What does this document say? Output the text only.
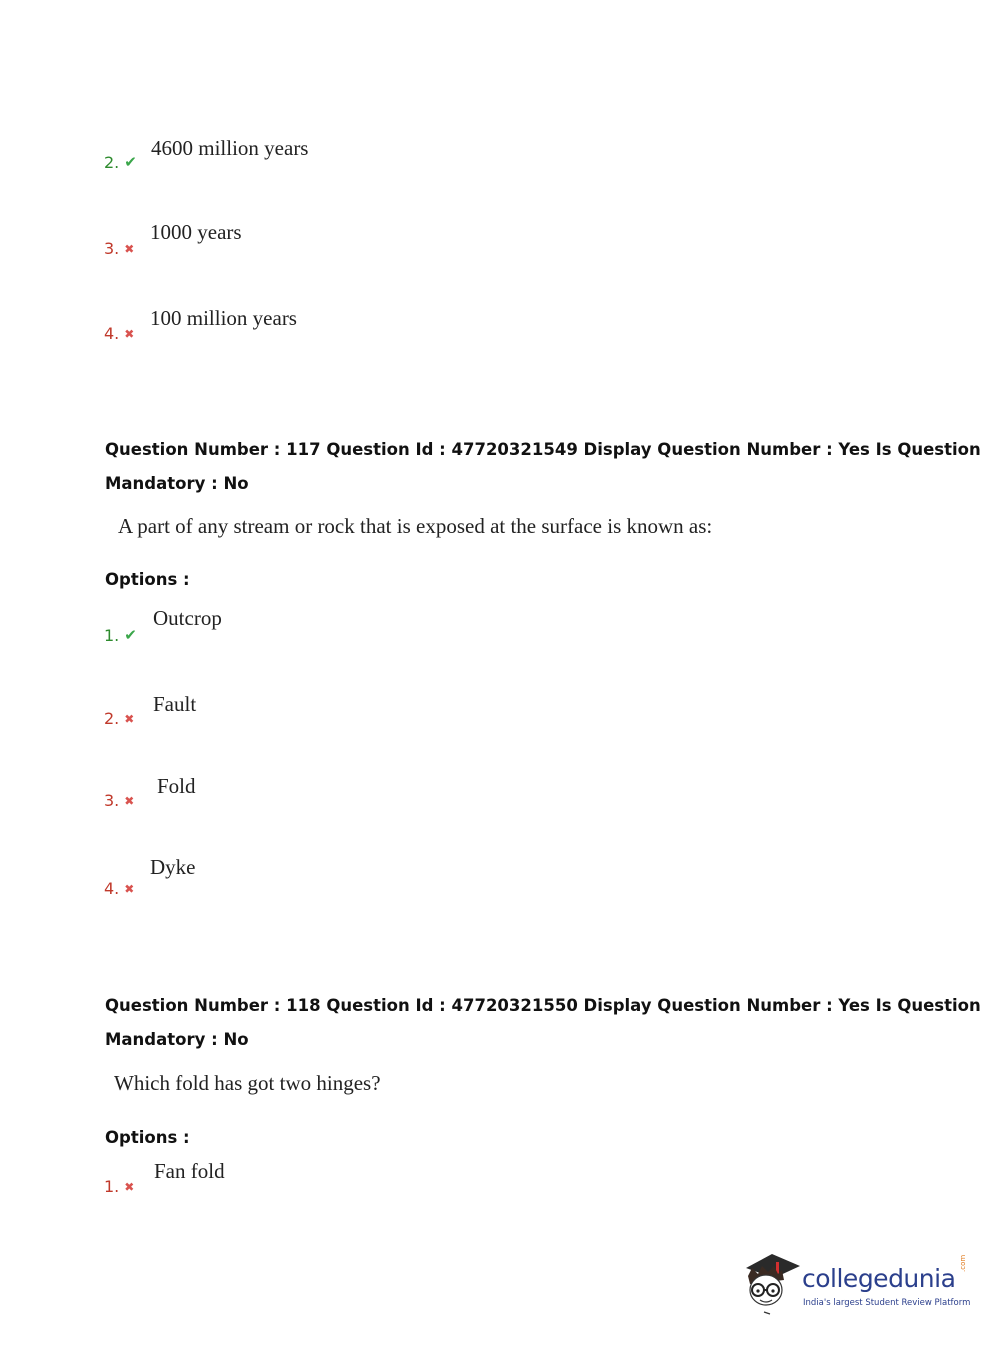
2. ✔
4600 million years
3. ✖
1000 years
4. ✖
100 million years
Question Number : 117 Question Id : 47720321549 Display Question Number : Yes Is Question
Mandatory : No
A part of any stream or rock that is exposed at the surface is known as:
Options :
1. ✔
Outcrop
2. ✖
Fault
3. ✖
Fold
4. ✖
Dyke
Question Number : 118 Question Id : 47720321550 Display Question Number : Yes Is Question
Mandatory : No
Which fold has got two hinges?
Options :
1. ✖
Fan fold
collegedunia
.com
India's largest Student Review Platform
